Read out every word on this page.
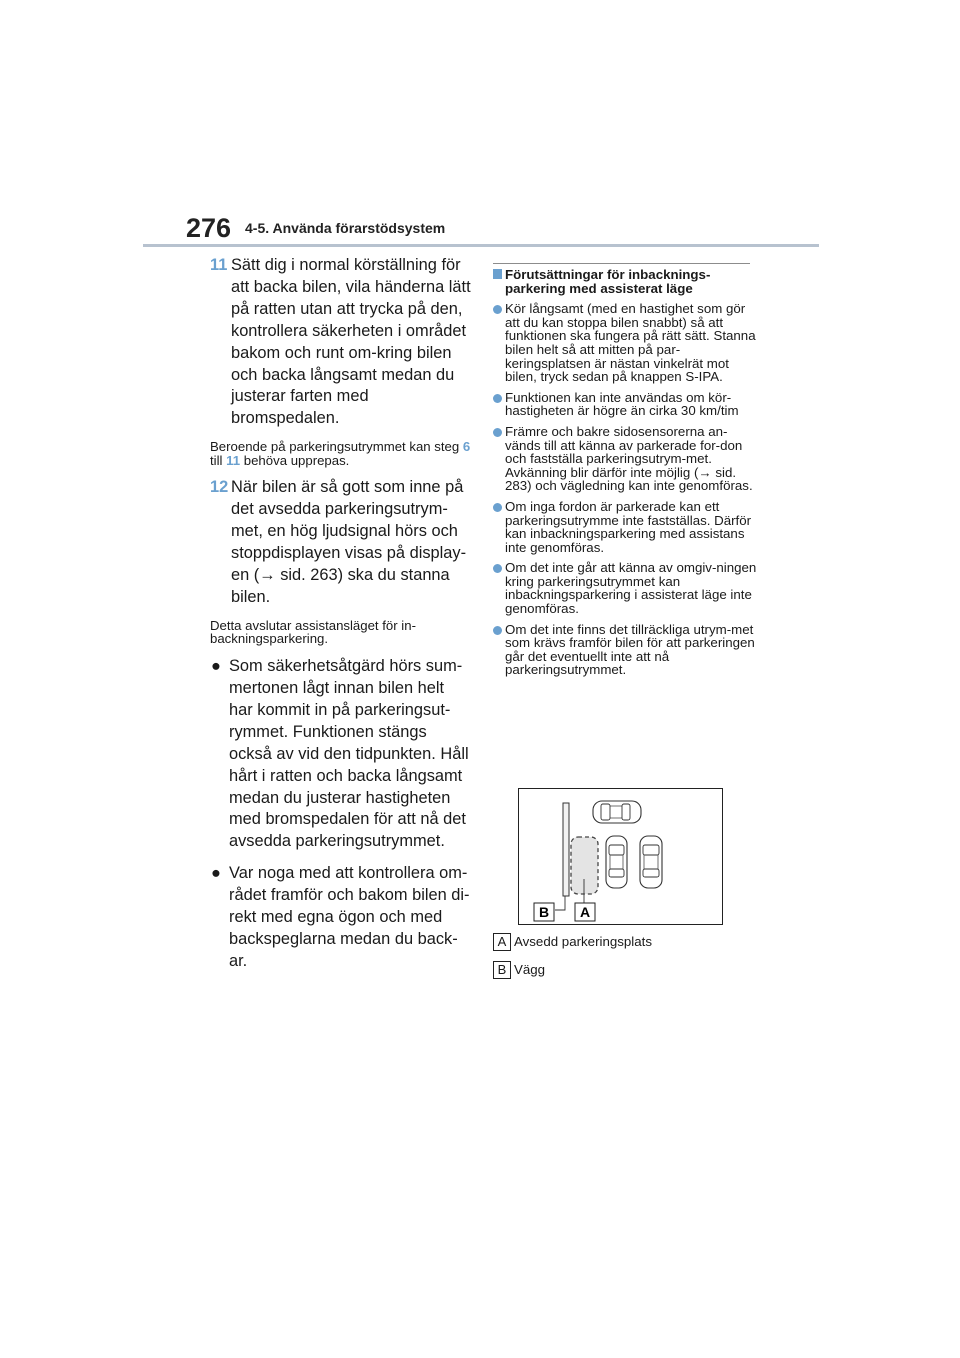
276 4-5. Använda förarstödsystem
11 Sätt dig i normal körställning för att backa bilen, vila händerna lätt på ratten utan att trycka på den, kontrollera säkerheten i området bakom och runt om-kring bilen och backa långsamt medan du justerar farten med bromspedalen.
Beroende på parkeringsutrymmet kan steg 6 till 11 behöva upprepas.
12 När bilen är så gott som inne på det avsedda parkeringsutrym-met, en hög ljudsignal hörs och stoppdisplayen visas på display-en (→ sid. 263) ska du stanna bilen.
Detta avslutar assistansläget för in-backningsparkering.
● Som säkerhetsåtgärd hörs sum-mertonen lågt innan bilen helt har kommit in på parkeringsut-rymmet. Funktionen stängs också av vid den tidpunkten. Håll hårt i ratten och backa långsamt medan du justerar hastigheten med bromspedalen för att nå det avsedda parkeringsutrymmet.
● Var noga med att kontrollera om-rådet framför och bakom bilen di-rekt med egna ögon och med backspeglarna medan du back-ar.
Förutsättningar för inbacknings-parkering med assisterat läge
Kör långsamt (med en hastighet som gör att du kan stoppa bilen snabbt) så att funktionen ska fungera på rätt sätt. Stanna bilen helt så att mitten på par-keringsplatsen är nästan vinkelrät mot bilen, tryck sedan på knappen S-IPA.
Funktionen kan inte användas om kör-hastigheten är högre än cirka 30 km/tim
Främre och bakre sidosensorerna an-vänds till att känna av parkerade for-don och fastställa parkeringsutrym-met. Avkänning blir därför inte möjlig (→ sid. 283) och vägledning kan inte genomföras.
Om inga fordon är parkerade kan ett parkeringsutrymme inte fastställas. Därför kan inbackningsparkering med assistans inte genomföras.
Om det inte går att känna av omgiv-ningen kring parkeringsutrymmet kan inbackningsparkering i assisterat läge inte genomföras.
Om det inte finns det tillräckliga utrym-met som krävs framför bilen för att parkeringen går det eventuellt inte att nå parkeringsutrymmet.
B A
A Avsedd parkeringsplats
B Vägg
